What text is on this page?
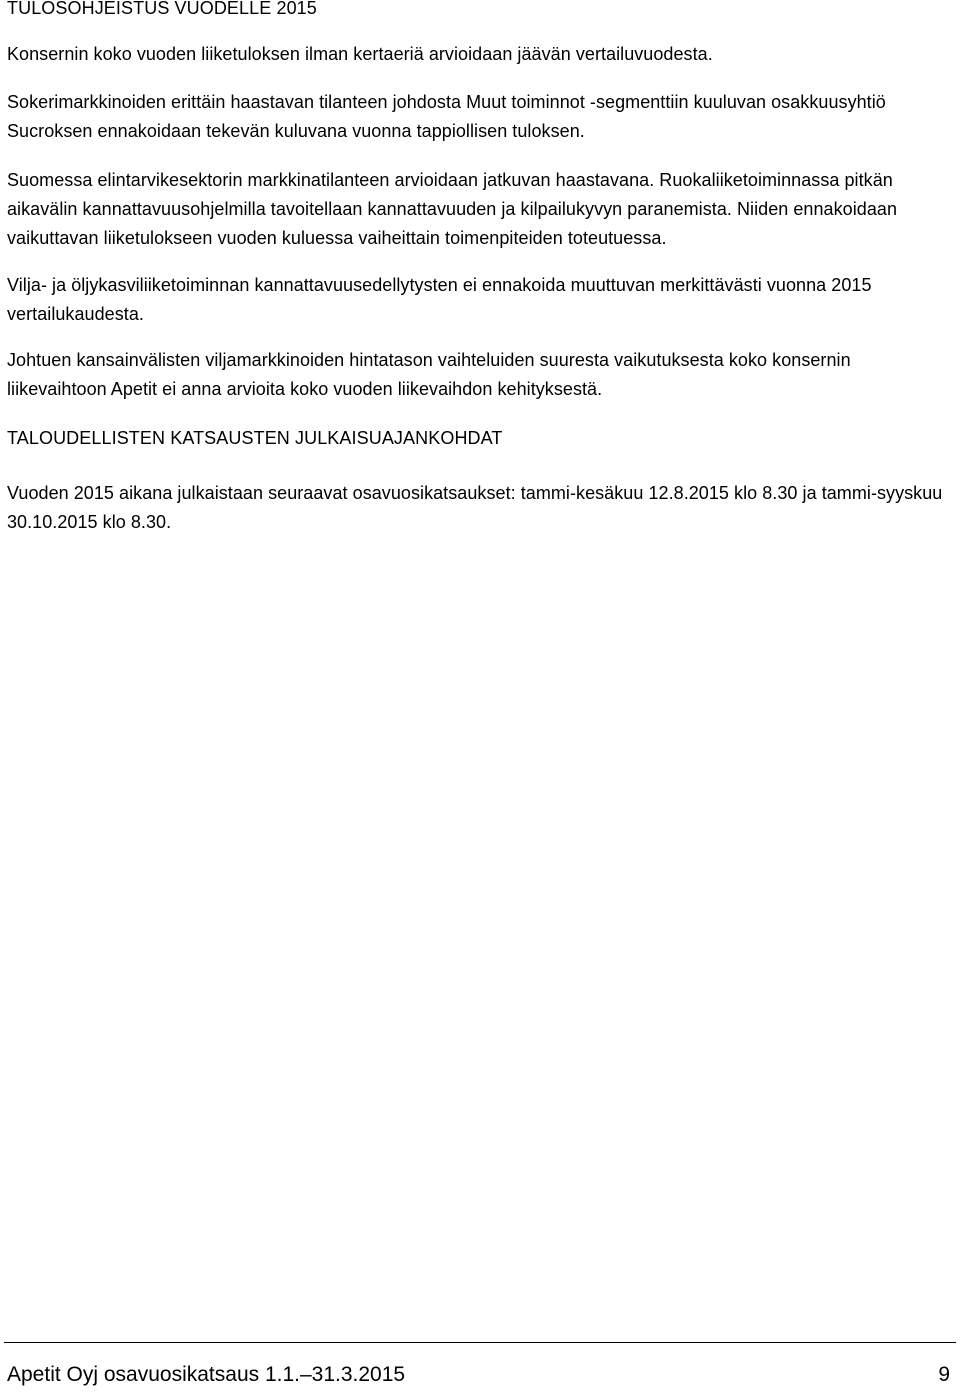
TULOSOHJEISTUS VUODELLE 2015

Konsernin koko vuoden liiketuloksen ilman kertaeriä arvioidaan jäävän vertailuvuodesta.

Sokerimarkkinoiden erittäin haastavan tilanteen johdosta Muut toiminnot -segmenttiin kuuluvan osakkuusyhtiö Sucroksen ennakoidaan tekevän kuluvana vuonna tappiollisen tuloksen.

Suomessa elintarvikesektorin markkinatilanteen arvioidaan jatkuvan haastavana. Ruokaliiketoiminnassa pitkän aikavälin kannattavuusohjelmilla tavoitellaan kannattavuuden ja kilpailukyvyn paranemista. Niiden ennakoidaan vaikuttavan liiketulokseen vuoden kuluessa vaiheittain toimenpiteiden toteutuessa.

Vilja- ja öljykasviliiketoiminnan kannattavuusedellytysten ei ennakoida muuttuvan merkittävästi vuonna 2015 vertailukaudesta.

Johtuen kansainvälisten viljamarkkinoiden hintatason vaihteluiden suuresta vaikutuksesta koko konsernin liikevaihtoon Apetit ei anna arvioita koko vuoden liikevaihdon kehityksestä.

TALOUDELLISTEN KATSAUSTEN JULKAISUAJANKOHDAT

Vuoden 2015 aikana julkaistaan seuraavat osavuosikatsaukset: tammi-kesäkuu 12.8.2015 klo 8.30 ja tammi-syyskuu 30.10.2015 klo 8.30.

Apetit Oyj osavuosikatsaus 1.1.–31.3.2015	9
